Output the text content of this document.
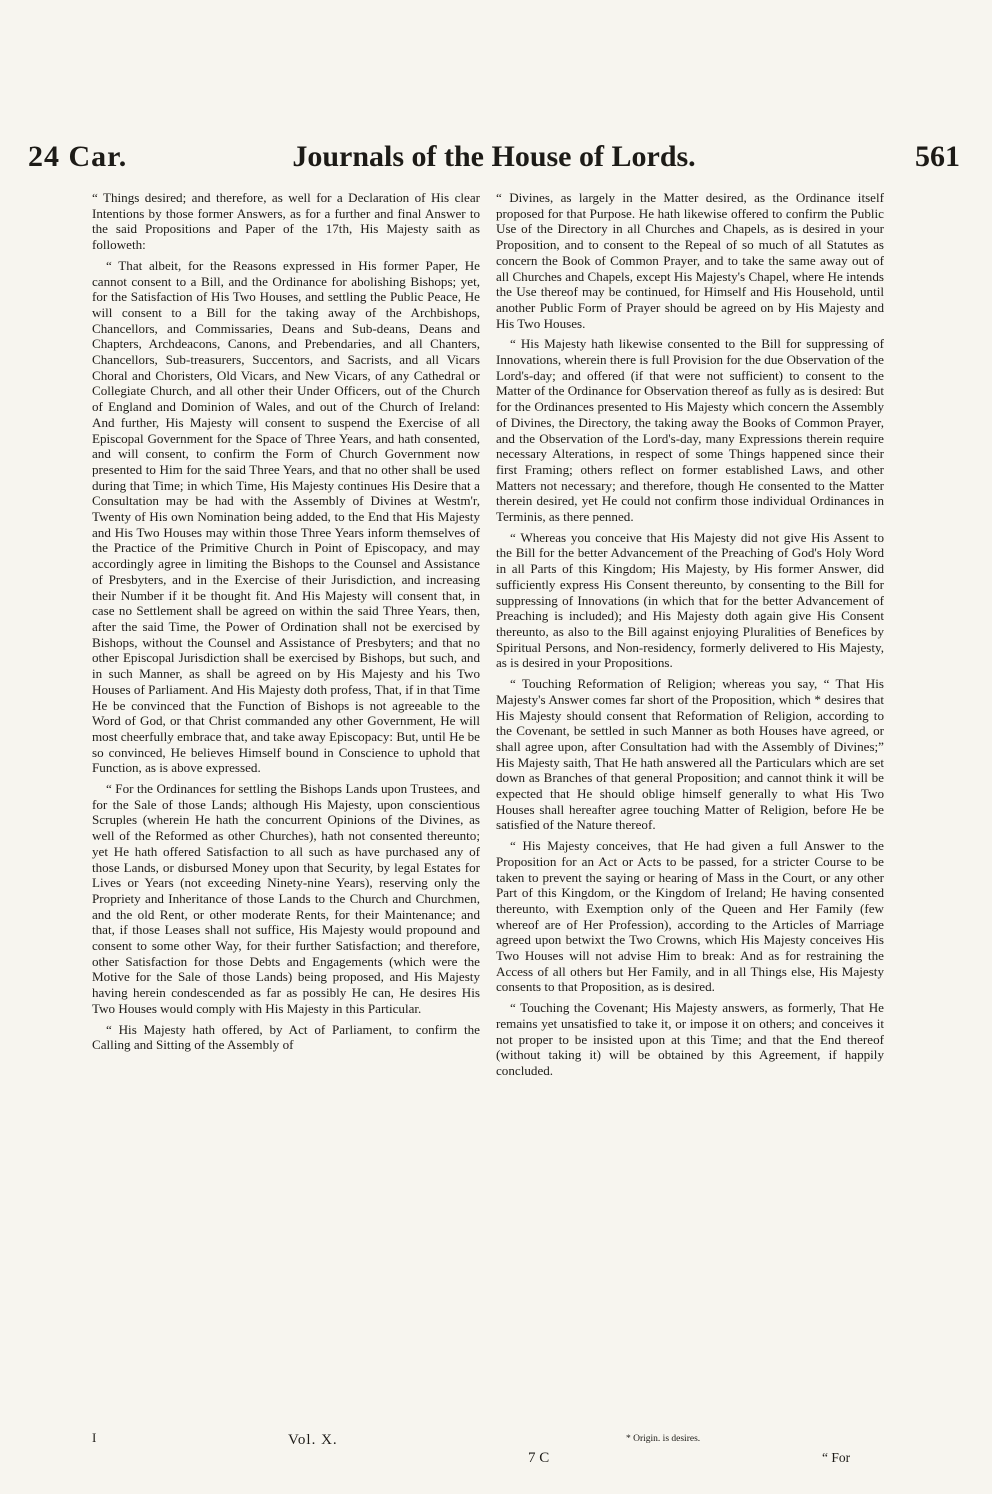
24 Car.	Journals of the House of Lords.	561

“ Things desired; and therefore, as well for a Declaration of His clear Intentions by those former Answers, as for a further and final Answer to the said Propositions and Paper of the 17th, His Majesty saith as followeth:

“ That albeit, for the Reasons expressed in His former Paper, He cannot consent to a Bill, and the Ordinance for abolishing Bishops; yet, for the Satisfaction of His Two Houses, and settling the Public Peace, He will consent to a Bill for the taking away of the Archbishops, Chancellors, and Commissaries, Deans and Sub-deans, Deans and Chapters, Archdeacons, Canons, and Prebendaries, and all Chanters, Chancellors, Sub-treasurers, Succentors, and Sacrists, and all Vicars Choral and Choristers, Old Vicars, and New Vicars, of any Cathedral or Collegiate Church, and all other their Under Officers, out of the Church of England and Dominion of Wales, and out of the Church of Ireland: And further, His Majesty will consent to suspend the Exercise of all Episcopal Government for the Space of Three Years, and hath consented, and will consent, to confirm the Form of Church Government now presented to Him for the said Three Years, and that no other shall be used during that Time; in which Time, His Majesty continues His Desire that a Consultation may be had with the Assembly of Divines at Westm'r, Twenty of His own Nomination being added, to the End that His Majesty and His Two Houses may within those Three Years inform themselves of the Practice of the Primitive Church in Point of Episcopacy, and may accordingly agree in limiting the Bishops to the Counsel and Assistance of Presbyters, and in the Exercise of their Jurisdiction, and increasing their Number if it be thought fit. And His Majesty will consent that, in case no Settlement shall be agreed on within the said Three Years, then, after the said Time, the Power of Ordination shall not be exercised by Bishops, without the Counsel and Assistance of Presbyters; and that no other Episcopal Jurisdiction shall be exercised by Bishops, but such, and in such Manner, as shall be agreed on by His Majesty and his Two Houses of Parliament. And His Majesty doth profess, That, if in that Time He be convinced that the Function of Bishops is not agreeable to the Word of God, or that Christ commanded any other Government, He will most cheerfully embrace that, and take away Episcopacy: But, until He be so convinced, He believes Himself bound in Conscience to uphold that Function, as is above expressed.

“ For the Ordinances for settling the Bishops Lands upon Trustees, and for the Sale of those Lands; although His Majesty, upon conscientious Scruples (wherein He hath the concurrent Opinions of the Divines, as well of the Reformed as other Churches), hath not consented thereunto; yet He hath offered Satisfaction to all such as have purchased any of those Lands, or disbursed Money upon that Security, by legal Estates for Lives or Years (not exceeding Ninety-nine Years), reserving only the Propriety and Inheritance of those Lands to the Church and Churchmen, and the old Rent, or other moderate Rents, for their Maintenance; and that, if those Leases shall not suffice, His Majesty would propound and consent to some other Way, for their further Satisfaction; and therefore, other Satisfaction for those Debts and Engagements (which were the Motive for the Sale of those Lands) being proposed, and His Majesty having herein condescended as far as possibly He can, He desires His Two Houses would comply with His Majesty in this Particular.

“ His Majesty hath offered, by Act of Parliament, to confirm the Calling and Sitting of the Assembly of

“ Divines, as largely in the Matter desired, as the Ordinance itself proposed for that Purpose. He hath likewise offered to confirm the Public Use of the Directory in all Churches and Chapels, as is desired in your Proposition, and to consent to the Repeal of so much of all Statutes as concern the Book of Common Prayer, and to take the same away out of all Churches and Chapels, except His Majesty's Chapel, where He intends the Use thereof may be continued, for Himself and His Household, until another Public Form of Prayer should be agreed on by His Majesty and His Two Houses.

“ His Majesty hath likewise consented to the Bill for suppressing of Innovations, wherein there is full Provision for the due Observation of the Lord's-day; and offered (if that were not sufficient) to consent to the Matter of the Ordinance for Observation thereof as fully as is desired: But for the Ordinances presented to His Majesty which concern the Assembly of Divines, the Directory, the taking away the Books of Common Prayer, and the Observation of the Lord's-day, many Expressions therein require necessary Alterations, in respect of some Things happened since their first Framing; others reflect on former established Laws, and other Matters not necessary; and therefore, though He consented to the Matter therein desired, yet He could not confirm those individual Ordinances in Terminis, as there penned.

“ Whereas you conceive that His Majesty did not give His Assent to the Bill for the better Advancement of the Preaching of God's Holy Word in all Parts of this Kingdom; His Majesty, by His former Answer, did sufficiently express His Consent thereunto, by consenting to the Bill for suppressing of Innovations (in which that for the better Advancement of Preaching is included); and His Majesty doth again give His Consent thereunto, as also to the Bill against enjoying Pluralities of Benefices by Spiritual Persons, and Non-residency, formerly delivered to His Majesty, as is desired in your Propositions.

“ Touching Reformation of Religion; whereas you say, “ That His Majesty's Answer comes far short of the Proposition, which * desires that His Majesty should consent that Reformation of Religion, according to the Covenant, be settled in such Manner as both Houses have agreed, or shall agree upon, after Consultation had with the Assembly of Divines;” His Majesty saith, That He hath answered all the Particulars which are set down as Branches of that general Proposition; and cannot think it will be expected that He should oblige himself generally to what His Two Houses shall hereafter agree touching Matter of Religion, before He be satisfied of the Nature thereof.

“ His Majesty conceives, that He had given a full Answer to the Proposition for an Act or Acts to be passed, for a stricter Course to be taken to prevent the saying or hearing of Mass in the Court, or any other Part of this Kingdom, or the Kingdom of Ireland; He having consented thereunto, with Exemption only of the Queen and Her Family (few whereof are of Her Profession), according to the Articles of Marriage agreed upon betwixt the Two Crowns, which His Majesty conceives His Two Houses will not advise Him to break: And as for restraining the Access of all others but Her Family, and in all Things else, His Majesty consents to that Proposition, as is desired.

“ Touching the Covenant; His Majesty answers, as formerly, That He remains yet unsatisfied to take it, or impose it on others; and conceives it not proper to be insisted upon at this Time; and that the End thereof (without taking it) will be obtained by this Agreement, if happily concluded.

I	Vol. X.	* Origin. is desires.
7 C	“ For
